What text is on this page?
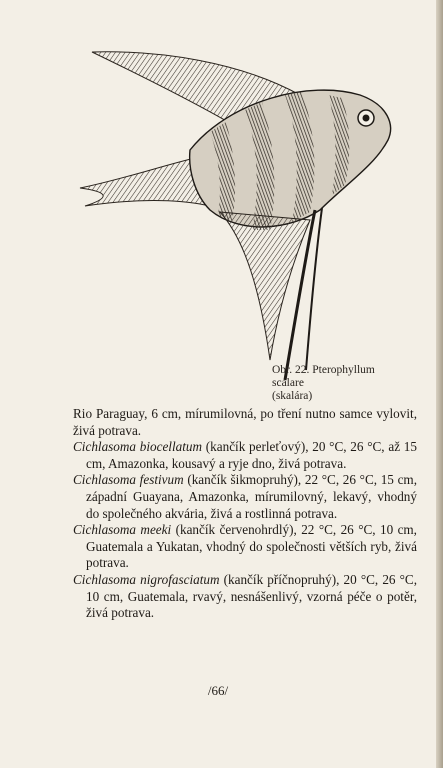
Obr. 22. Pterophyllum
scalare
(skalára)
Rio Paraguay, 6 cm, mírumilovná, po tření nutno samce vylovit, živá potrava.
Cichlasoma biocellatum (kančík perleťový), 20 °C, 26 °C, až 15 cm, Amazonka, kousavý a ryje dno, živá potrava.
Cichlasoma festivum (kančík šikmopruhý), 22 °C, 26 °C, 15 cm, západní Guayana, Amazonka, mírumilovný, lekavý, vhodný do společného akvária, živá a rostlinná potrava.
Cichlasoma meeki (kančík červenohrdlý), 22 °C, 26 °C, 10 cm, Guatemala a Yukatan, vhodný do společnosti větších ryb, živá potrava.
Cichlasoma nigrofasciatum (kančík příčnopruhý), 20 °C, 26 °C, 10 cm, Guatemala, rvavý, nesnášenlivý, vzorná péče o potěr, živá potrava.
/66/
